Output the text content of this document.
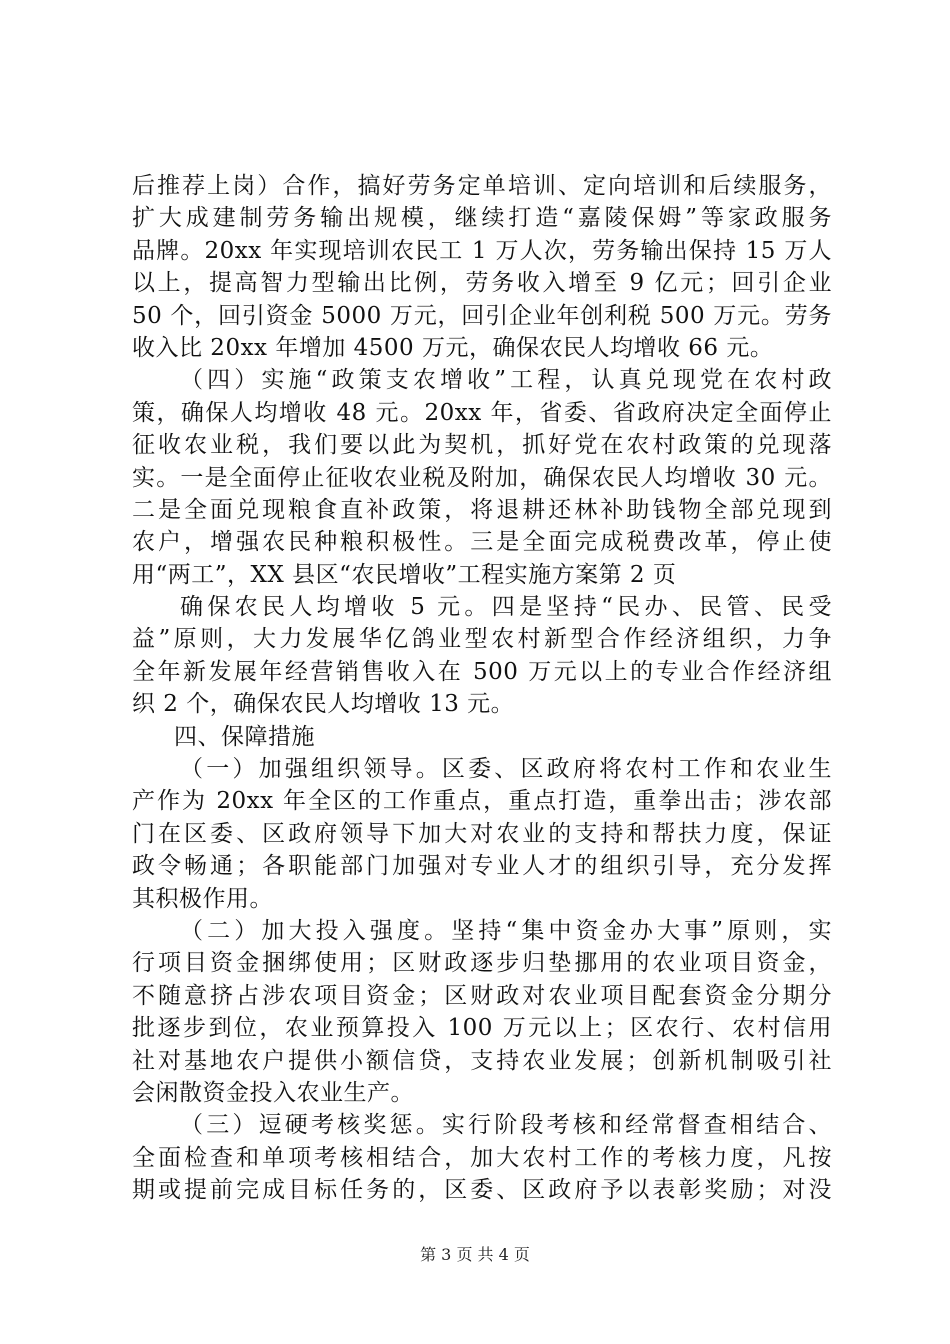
后推荐上岗）合作，搞好劳务定单培训、定向培训和后续服务，
扩大成建制劳务输出规模，继续打造“嘉陵保姆”等家政服务
品牌。20xx 年实现培训农民工 1 万人次，劳务输出保持 15 万人
以上，提高智力型输出比例，劳务收入增至 9 亿元；回引企业
50 个，回引资金 5000 万元，回引企业年创利税 500 万元。劳务
收入比 20xx 年增加 4500 万元，确保农民人均增收 66 元。
（四）实施“政策支农增收”工程，认真兑现党在农村政
策，确保人均增收 48 元。20xx 年，省委、省政府决定全面停止
征收农业税，我们要以此为契机，抓好党在农村政策的兑现落
实。一是全面停止征收农业税及附加，确保农民人均增收 30 元。
二是全面兑现粮食直补政策，将退耕还林补助钱物全部兑现到
农户，增强农民种粮积极性。三是全面完成税费改革，停止使
用“两工”，XX 县区“农民增收”工程实施方案第 2 页
确保农民人均增收 5 元。四是坚持“民办、民管、民受
益”原则，大力发展华亿鸽业型农村新型合作经济组织，力争
全年新发展年经营销售收入在 500 万元以上的专业合作经济组
织 2 个，确保农民人均增收 13 元。
四、保障措施
（一）加强组织领导。区委、区政府将农村工作和农业生
产作为 20xx 年全区的工作重点，重点打造，重拳出击；涉农部
门在区委、区政府领导下加大对农业的支持和帮扶力度，保证
政令畅通；各职能部门加强对专业人才的组织引导，充分发挥
其积极作用。
（二）加大投入强度。坚持“集中资金办大事”原则，实
行项目资金捆绑使用；区财政逐步归垫挪用的农业项目资金，
不随意挤占涉农项目资金；区财政对农业项目配套资金分期分
批逐步到位，农业预算投入 100 万元以上；区农行、农村信用
社对基地农户提供小额信贷，支持农业发展；创新机制吸引社
会闲散资金投入农业生产。
（三）逗硬考核奖惩。实行阶段考核和经常督查相结合、
全面检查和单项考核相结合，加大农村工作的考核力度，凡按
期或提前完成目标任务的，区委、区政府予以表彰奖励；对没
第 3 页 共 4 页
